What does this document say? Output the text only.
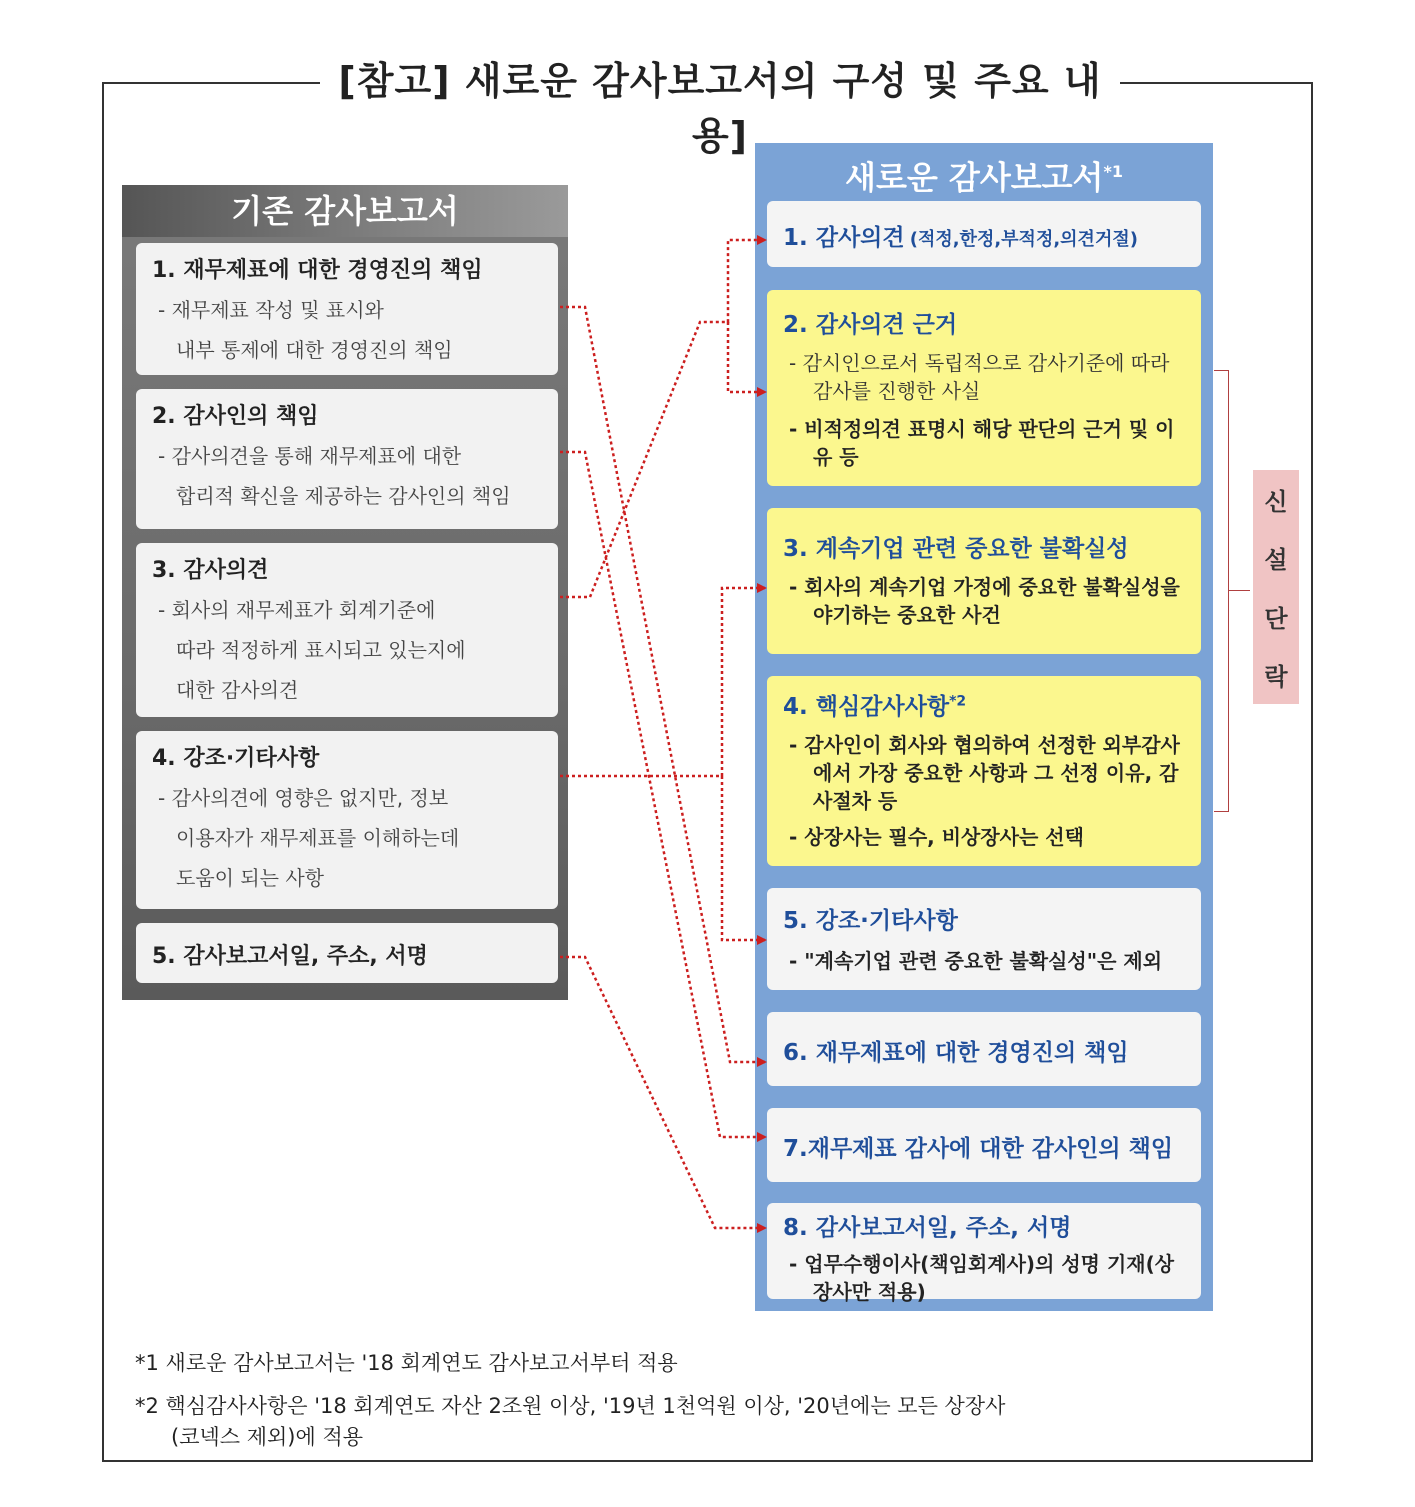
[참고] 새로운 감사보고서의 구성 및 주요 내용]
기존 감사보고서
1. 재무제표에 대한 경영진의 책임
- 재무제표 작성 및 표시와
내부 통제에 대한 경영진의 책임
2. 감사인의 책임
- 감사의견을 통해 재무제표에 대한
합리적 확신을 제공하는 감사인의 책임
3. 감사의견
- 회사의 재무제표가 회계기준에
따라 적정하게 표시되고 있는지에
대한 감사의견
4. 강조·기타사항
- 감사의견에 영향은 없지만, 정보
이용자가 재무제표를 이해하는데
도움이 되는 사항
5. 감사보고서일, 주소, 서명
새로운 감사보고서$^{*1}$
1. 감사의견 (적정,한정,부적정,의견거절)
2. 감사의견 근거
- 감시인으로서 독립적으로 감사기준에 따라 감사를 진행한 사실
- 비적정의견 표명시 해당 판단의 근거 및 이유 등
3. 계속기업 관련 중요한 불확실성
- 회사의 계속기업 가정에 중요한 불확실성을 야기하는 중요한 사건
4. 핵심감사사항$^{*2}$
- 감사인이 회사와 협의하여 선정한 외부감사에서 가장 중요한 사항과 그 선정 이유, 감사절차 등
- 상장사는 필수, 비상장사는 선택
5. 강조·기타사항
- "계속기업 관련 중요한 불확실성"은 제외
6. 재무제표에 대한 경영진의 책임
7.재무제표 감사에 대한 감사인의 책임
8. 감사보고서일, 주소, 서명
- 업무수행이사(책임회계사)의 성명 기재(상장사만 적용)
신
설
단
락
*1 새로운 감사보고서는 '18 회계연도 감사보고서부터 적용
*2 핵심감사사항은 '18 회계연도 자산 2조원 이상, '19년 1천억원 이상, '20년에는 모든 상장사
(코넥스 제외)에 적용
